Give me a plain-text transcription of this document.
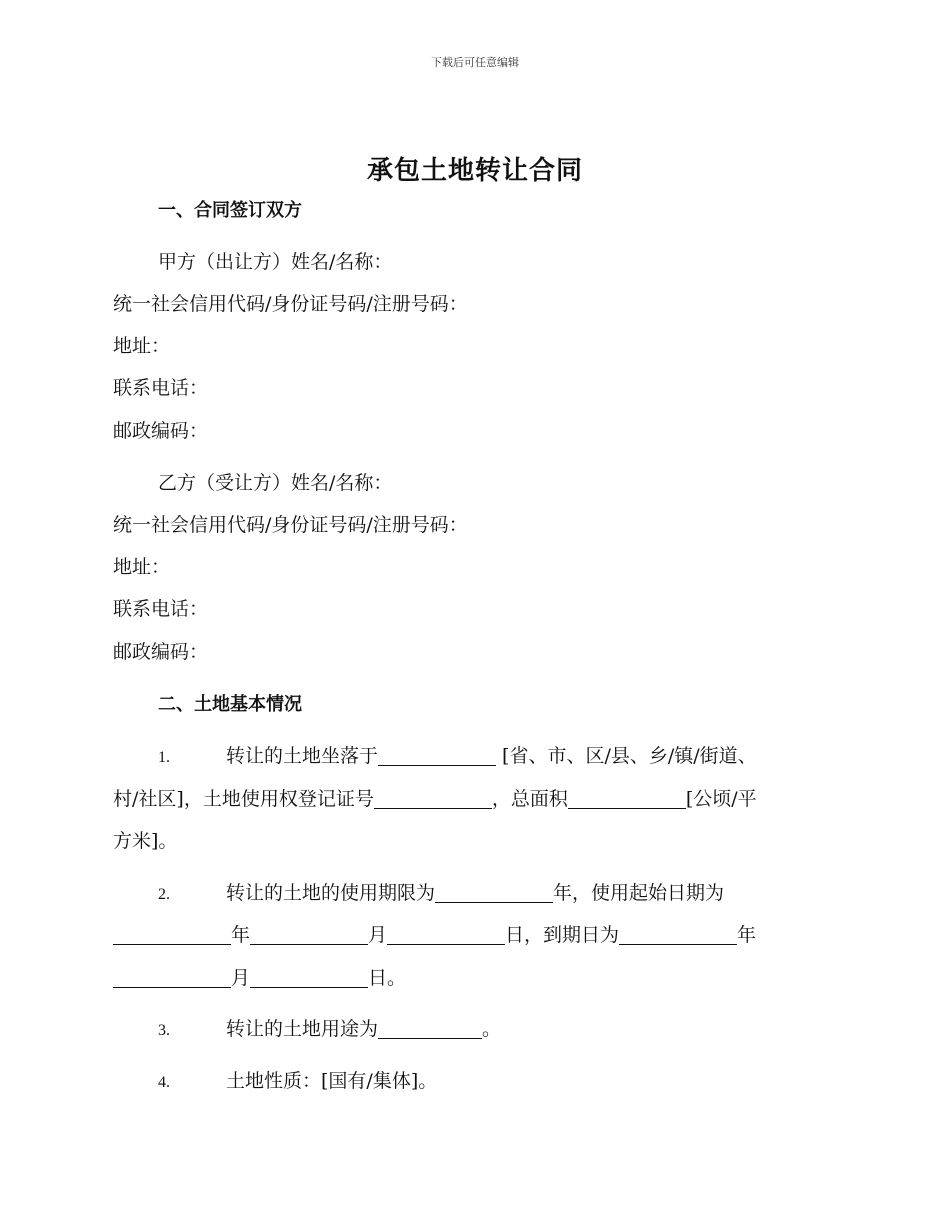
下载后可任意编辑
承包土地转让合同
一、合同签订双方
甲方（出让方）姓名/名称：
统一社会信用代码/身份证号码/注册号码：
地址：
联系电话：
邮政编码：
乙方（受让方）姓名/名称：
统一社会信用代码/身份证号码/注册号码：
地址：
联系电话：
邮政编码：
二、土地基本情况
1.	转让的土地坐落于	[省、市、区/县、乡/镇/街道、
村/社区]，土地使用权登记证号	，总面积	[公顷/平
方米]。
2.	转让的土地的使用期限为	年，使用起始日期为
年	月	日，到期日为	年
月	日。
3.	转让的土地用途为	。
4.	土地性质：[国有/集体]。
